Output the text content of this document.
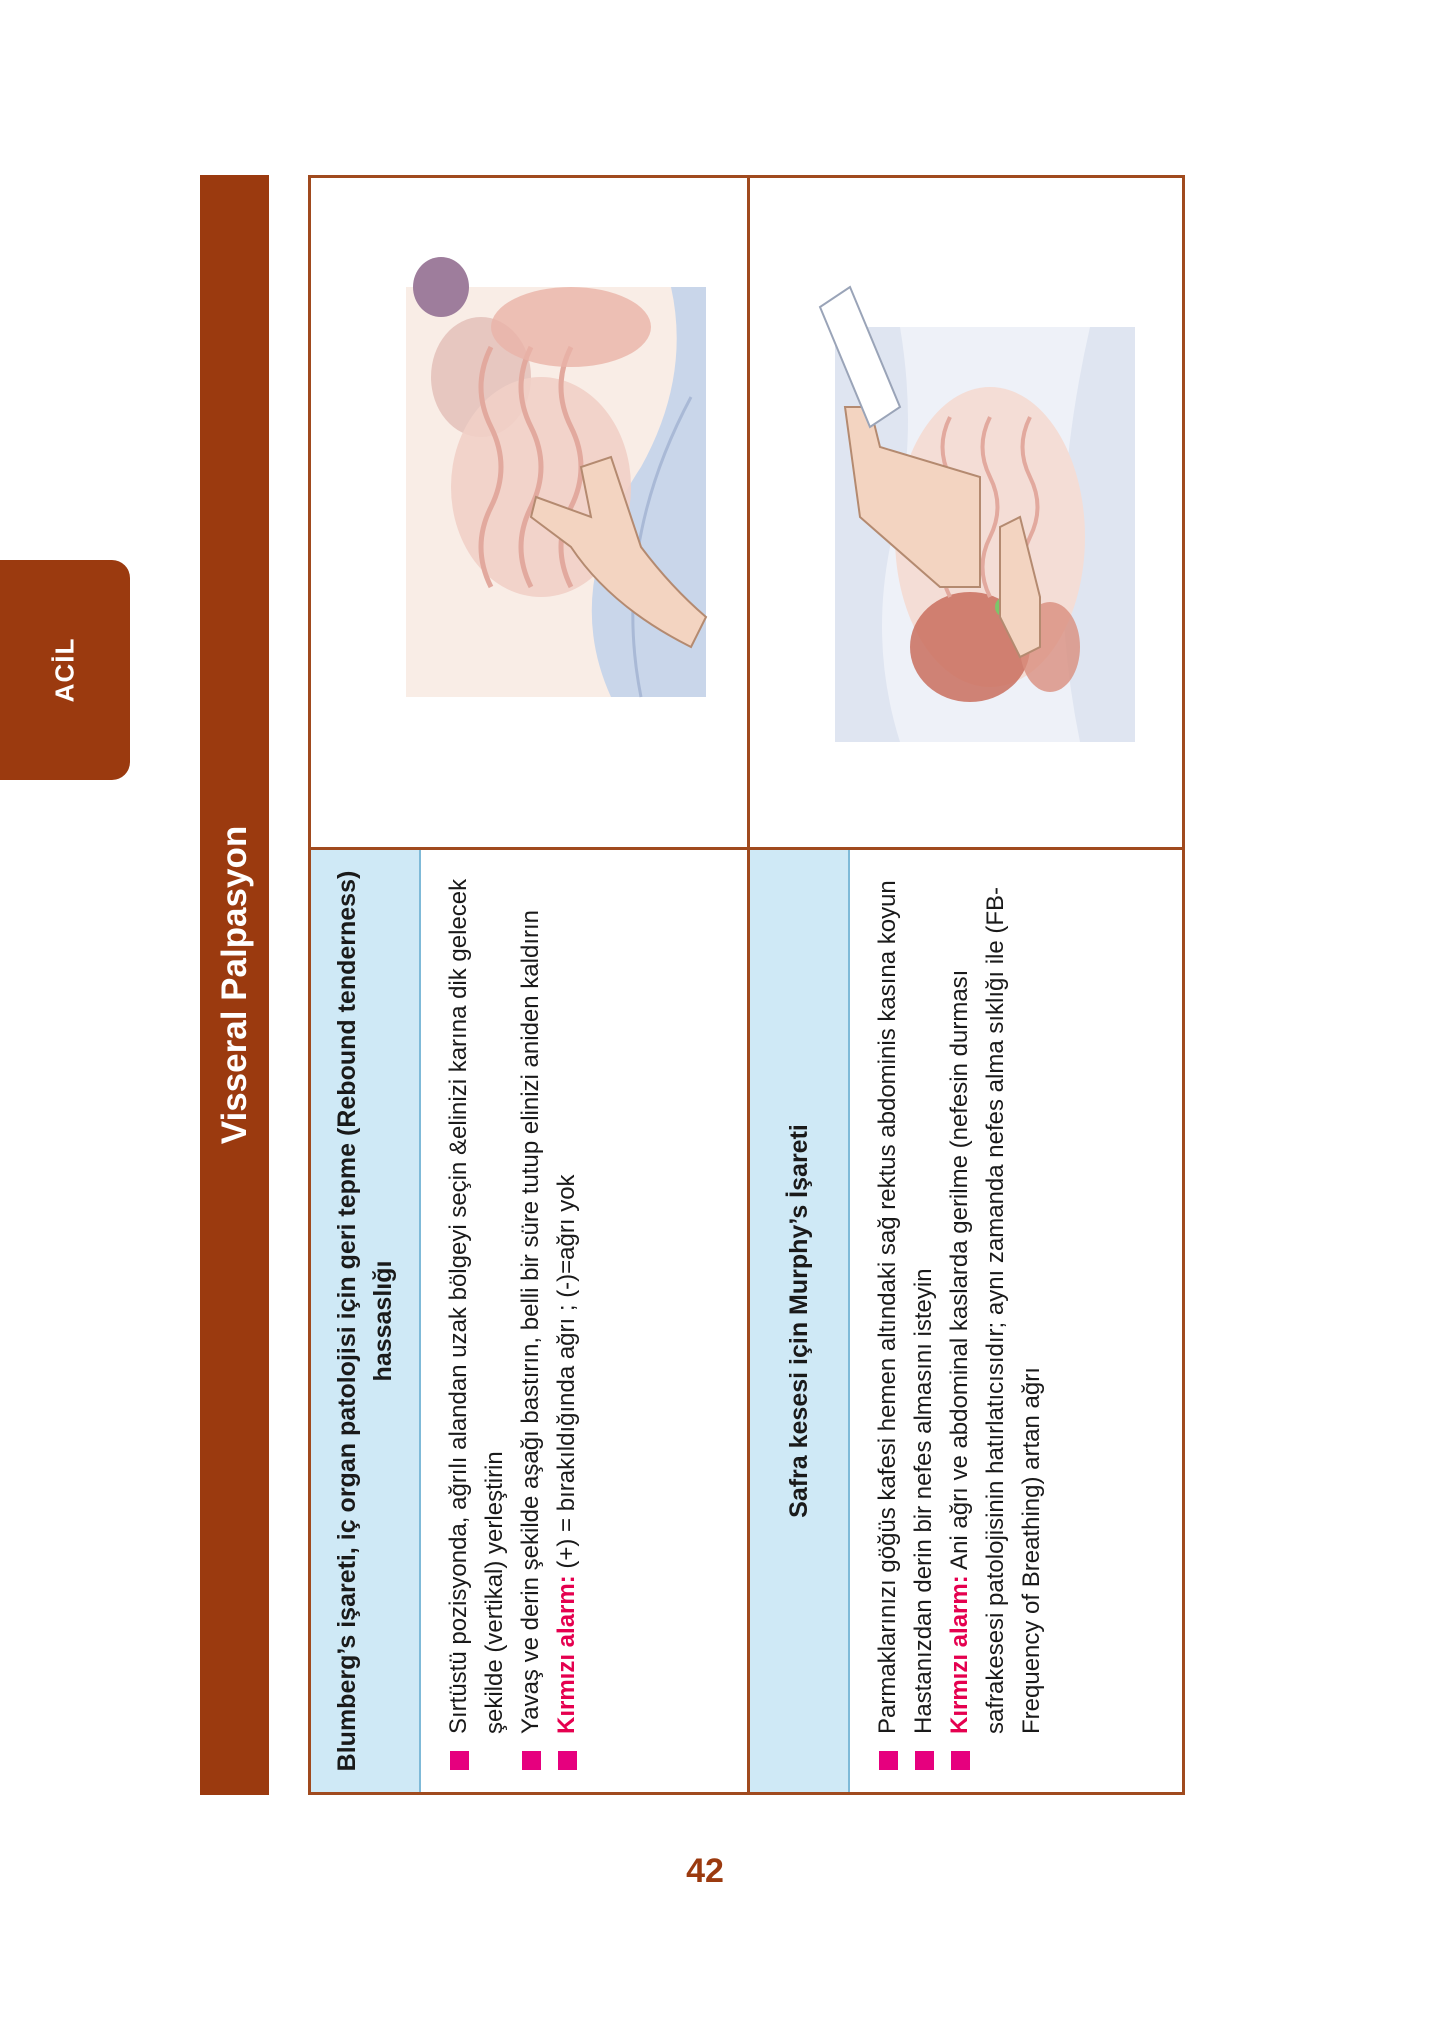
ACİL
42
Visseral Palpasyon	Blumberg’s işareti, iç organ patolojisi için geri tepme (Rebound tenderness) hassaslığı	Sırtüstü pozisyonda, ağrılı alandan uzak bölgeyi seçin &elinizi karına dik gelecek şekilde (vertikal) yerleştirin Yavaş ve derin şekilde aşağı bastırın, belli bir süre tutup elinizi aniden kaldırın Kırmızı alarm: (+) = bırakıldığında ağrı ; (-)=ağrı yok	Safra kesesi için Murphy’s İşareti	Parmaklarınızı göğüs kafesi hemen altındaki sağ rektus abdominis kasına koyun Hastanızdan derin bir nefes almasını isteyin Kırmızı alarm: Ani ağrı ve abdominal kaslarda gerilme (nefesin durması safrakesesi patolojisinin hatırlatıcısıdır; aynı zamanda nefes alma sıklığı ile (FB-Frequency of Breathing) artan ağrı
